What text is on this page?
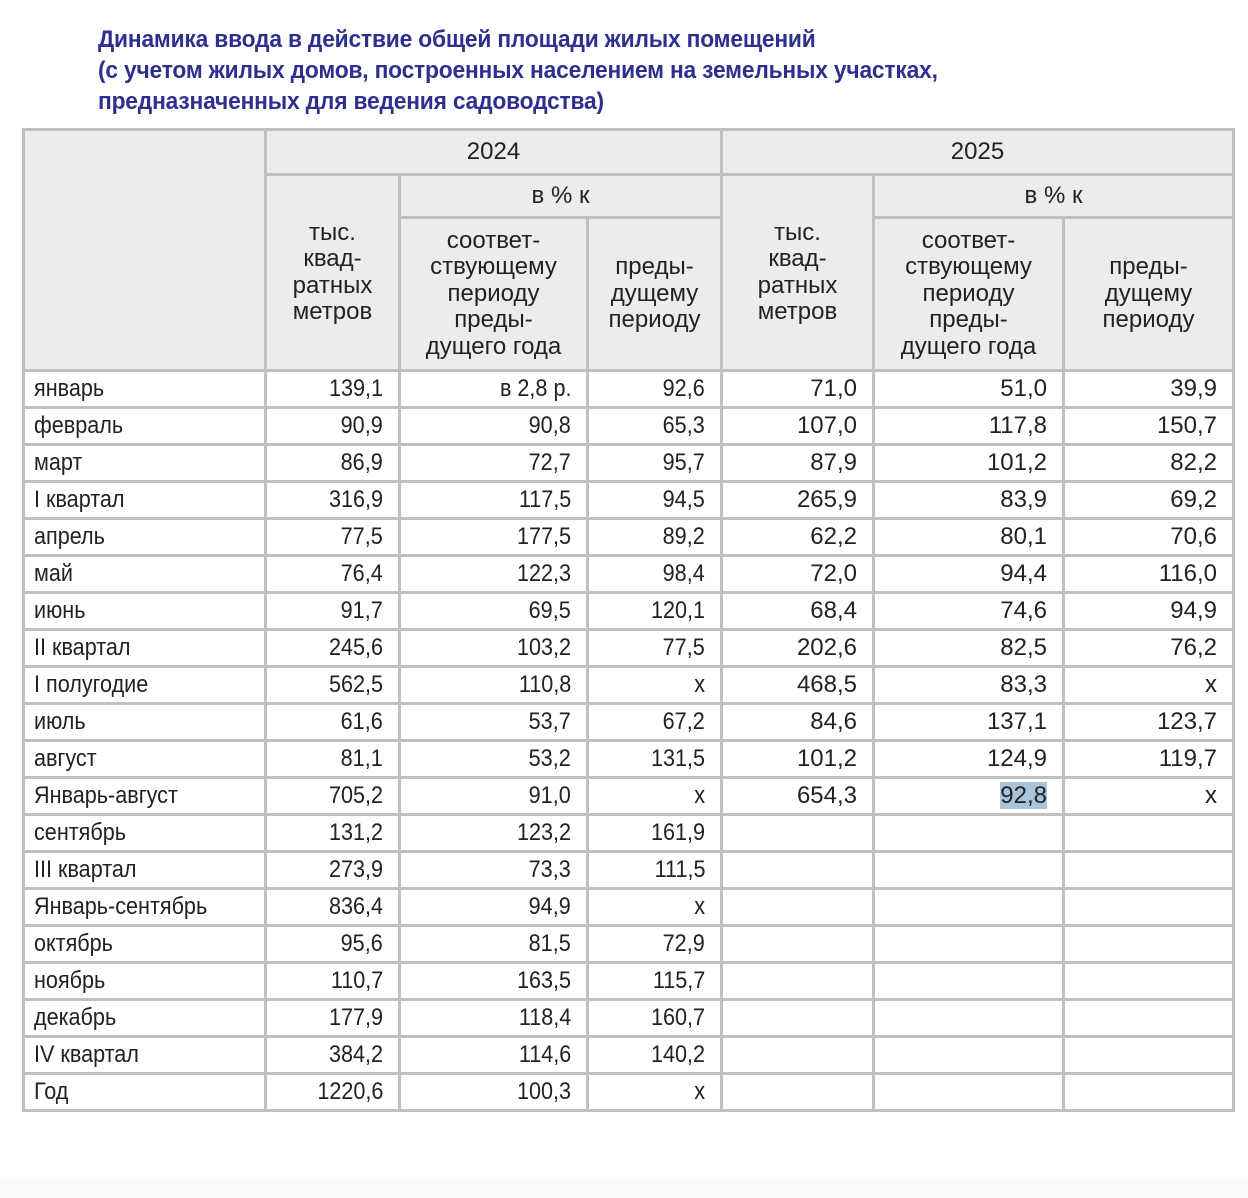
Динамика ввода в действие общей площади жилых помещений
(с учетом жилых домов, построенных населением на земельных участках,
предназначенных для ведения садоводства)
	2024			2025		
	тыс. квад-ратных метров	в % к		тыс. квад-ратных метров	в % к	
		соответ-ствующему периоду преды-дущего года	преды-дущему периоду		соответ-ствующему периоду преды-дущего года	преды-дущему периоду
январь	139,1	в 2,8 р.	92,6	71,0	51,0	39,9
февраль	90,9	90,8	65,3	107,0	117,8	150,7
март	86,9	72,7	95,7	87,9	101,2	82,2
I квартал	316,9	117,5	94,5	265,9	83,9	69,2
апрель	77,5	177,5	89,2	62,2	80,1	70,6
май	76,4	122,3	98,4	72,0	94,4	116,0
июнь	91,7	69,5	120,1	68,4	74,6	94,9
II квартал	245,6	103,2	77,5	202,6	82,5	76,2
I полугодие	562,5	110,8	x	468,5	83,3	x
июль	61,6	53,7	67,2	84,6	137,1	123,7
август	81,1	53,2	131,5	101,2	124,9	119,7
Январь-август	705,2	91,0	x	654,3	92,8	x
сентябрь	131,2	123,2	161,9			
III квартал	273,9	73,3	111,5			
Январь-сентябрь	836,4	94,9	x			
октябрь	95,6	81,5	72,9			
ноябрь	110,7	163,5	115,7			
декабрь	177,9	118,4	160,7			
IV квартал	384,2	114,6	140,2			
Год	1220,6	100,3	x			
